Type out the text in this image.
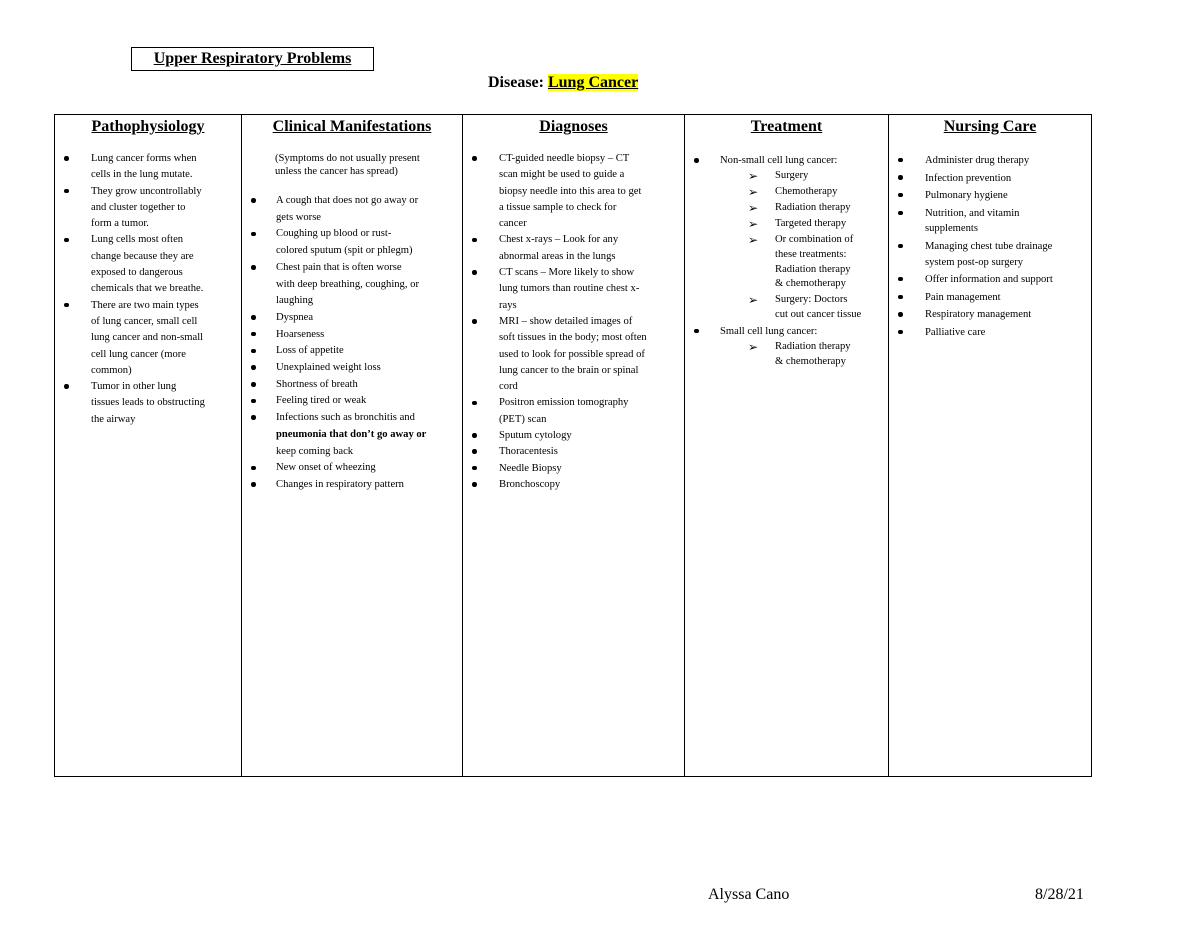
Upper Respiratory Problems
Disease: Lung Cancer
Pathophysiology
Lung cancer forms when
cells in the lung mutate.
They grow uncontrollably
and cluster together to
form a tumor.
Lung cells most often
change because they are
exposed to dangerous
chemicals that we breathe.
There are two main types
of lung cancer, small cell
lung cancer and non-small
cell lung cancer (more
common)
Tumor in other lung
tissues leads to obstructing
the airway
Clinical Manifestations
(Symptoms do not usually present
unless the cancer has spread)
A cough that does not go away or
gets worse
Coughing up blood or rust-
colored sputum (spit or phlegm)
Chest pain that is often worse
with deep breathing, coughing, or
laughing
Dyspnea
Hoarseness
Loss of appetite
Unexplained weight loss
Shortness of breath
Feeling tired or weak
Infections such as bronchitis and
pneumonia that don’t go away or
keep coming back
New onset of wheezing
Changes in respiratory pattern
Diagnoses
CT-guided needle biopsy – CT
scan might be used to guide a
biopsy needle into this area to get
a tissue sample to check for
cancer
Chest x-rays – Look for any
abnormal areas in the lungs
CT scans – More likely to show
lung tumors than routine chest x-
rays
MRI – show detailed images of
soft tissues in the body; most often
used to look for possible spread of
lung cancer to the brain or spinal
cord
Positron emission tomography
(PET) scan
Sputum cytology
Thoracentesis
Needle Biopsy
Bronchoscopy
Treatment
Non-small cell lung cancer:
➢ Surgery
➢ Chemotherapy
➢ Radiation therapy
➢ Targeted therapy
➢ Or combination of
these treatments:
Radiation therapy
& chemotherapy
➢ Surgery: Doctors
cut out cancer tissue
Small cell lung cancer:
➢ Radiation therapy
& chemotherapy
Nursing Care
Administer drug therapy
Infection prevention
Pulmonary hygiene
Nutrition, and vitamin
supplements
Managing chest tube drainage
system post-op surgery
Offer information and support
Pain management
Respiratory management
Palliative care
Alyssa Cano	8/28/21
